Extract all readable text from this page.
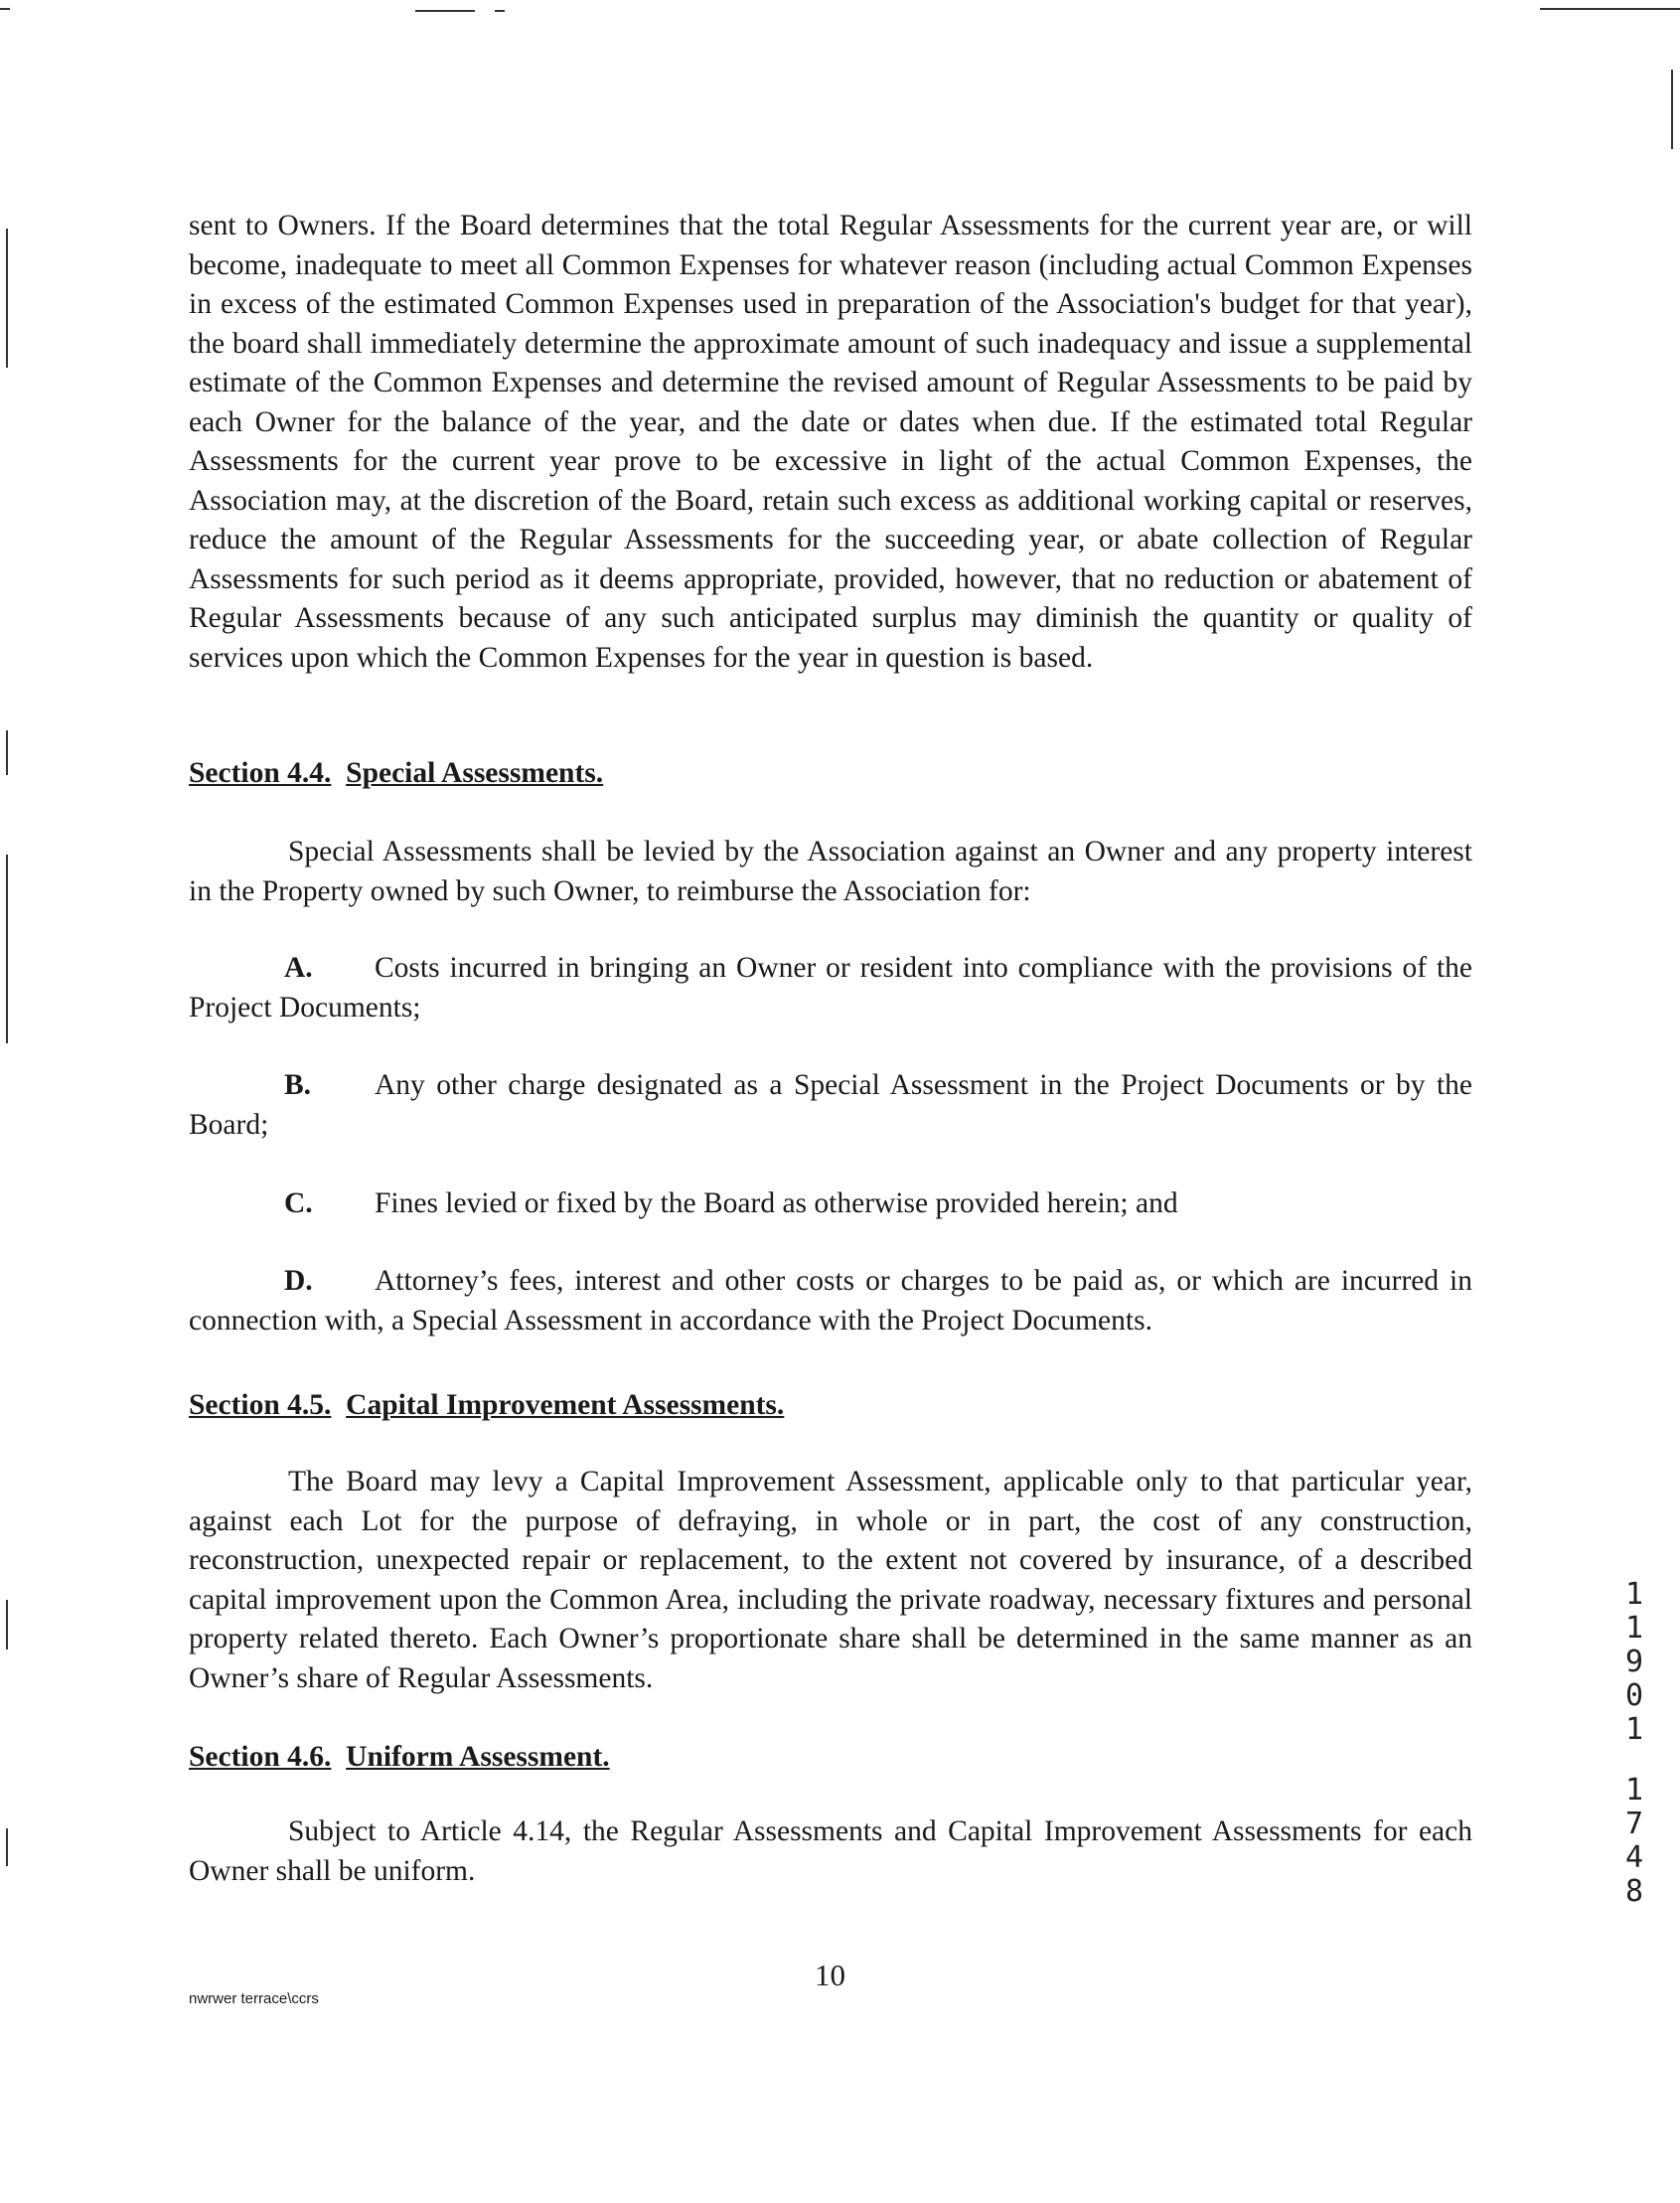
sent to Owners. If the Board determines that the total Regular Assessments for the current year are, or will become, inadequate to meet all Common Expenses for whatever reason (including actual Common Expenses in excess of the estimated Common Expenses used in preparation of the Association's budget for that year), the board shall immediately determine the approximate amount of such inadequacy and issue a supplemental estimate of the Common Expenses and determine the revised amount of Regular Assessments to be paid by each Owner for the balance of the year, and the date or dates when due. If the estimated total Regular Assessments for the current year prove to be excessive in light of the actual Common Expenses, the Association may, at the discretion of the Board, retain such excess as additional working capital or reserves, reduce the amount of the Regular Assessments for the succeeding year, or abate collection of Regular Assessments for such period as it deems appropriate, provided, however, that no reduction or abatement of Regular Assessments because of any such anticipated surplus may diminish the quantity or quality of services upon which the Common Expenses for the year in question is based.

Section 4.4. Special Assessments.

Special Assessments shall be levied by the Association against an Owner and any property interest in the Property owned by such Owner, to reimburse the Association for:

A. Costs incurred in bringing an Owner or resident into compliance with the provisions of the Project Documents;

B. Any other charge designated as a Special Assessment in the Project Documents or by the Board;

C. Fines levied or fixed by the Board as otherwise provided herein; and

D. Attorney’s fees, interest and other costs or charges to be paid as, or which are incurred in connection with, a Special Assessment in accordance with the Project Documents.

Section 4.5. Capital Improvement Assessments.

The Board may levy a Capital Improvement Assessment, applicable only to that particular year, against each Lot for the purpose of defraying, in whole or in part, the cost of any construction, reconstruction, unexpected repair or replacement, to the extent not covered by insurance, of a described capital improvement upon the Common Area, including the private roadway, necessary fixtures and personal property related thereto. Each Owner’s proportionate share shall be determined in the same manner as an Owner’s share of Regular Assessments.

Section 4.6. Uniform Assessment.

Subject to Article 4.14, the Regular Assessments and Capital Improvement Assessments for each Owner shall be uniform.

10
nwrwer terrace\ccrs
1
1
9
0
1
1
7
4
8
